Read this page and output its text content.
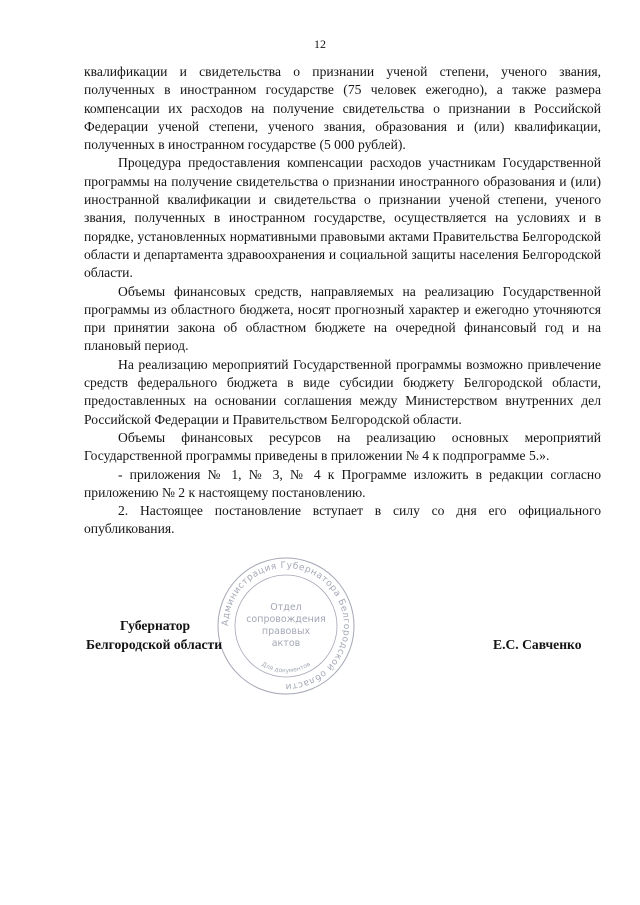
12

квалификации и свидетельства о признании ученой степени, ученого звания, полученных в иностранном государстве (75 человек ежегодно), а также размера компенсации их расходов на получение свидетельства о признании в Российской Федерации ученой степени, ученого звания, образования и (или) квалификации, полученных в иностранном государстве (5 000 рублей).

Процедура предоставления компенсации расходов участникам Государственной программы на получение свидетельства о признании иностранного образования и (или) иностранной квалификации и свидетельства о признании ученой степени, ученого звания, полученных в иностранном государстве, осуществляется на условиях и в порядке, установленных нормативными правовыми актами Правительства Белгородской области и департамента здравоохранения и социальной защиты населения Белгородской области.

Объемы финансовых средств, направляемых на реализацию Государственной программы из областного бюджета, носят прогнозный характер и ежегодно уточняются при принятии закона об областном бюджете на очередной финансовый год и на плановый период.

На реализацию мероприятий Государственной программы возможно привлечение средств федерального бюджета в виде субсидии бюджету Белгородской области, предоставленных на основании соглашения между Министерством внутренних дел Российской Федерации и Правительством Белгородской области.

Объемы финансовых ресурсов на реализацию основных мероприятий Государственной программы приведены в приложении № 4 к подпрограмме 5.».

- приложения № 1, № 3, № 4 к Программе изложить в редакции согласно приложению № 2 к настоящему постановлению.

2. Настоящее постановление вступает в силу со дня его официального опубликования.

Администрация Губернатора Белгородской области
Отдел
сопровождения
правовых
актов
Для документов
Губернатор
Белгородской области	Е.С. Савченко
